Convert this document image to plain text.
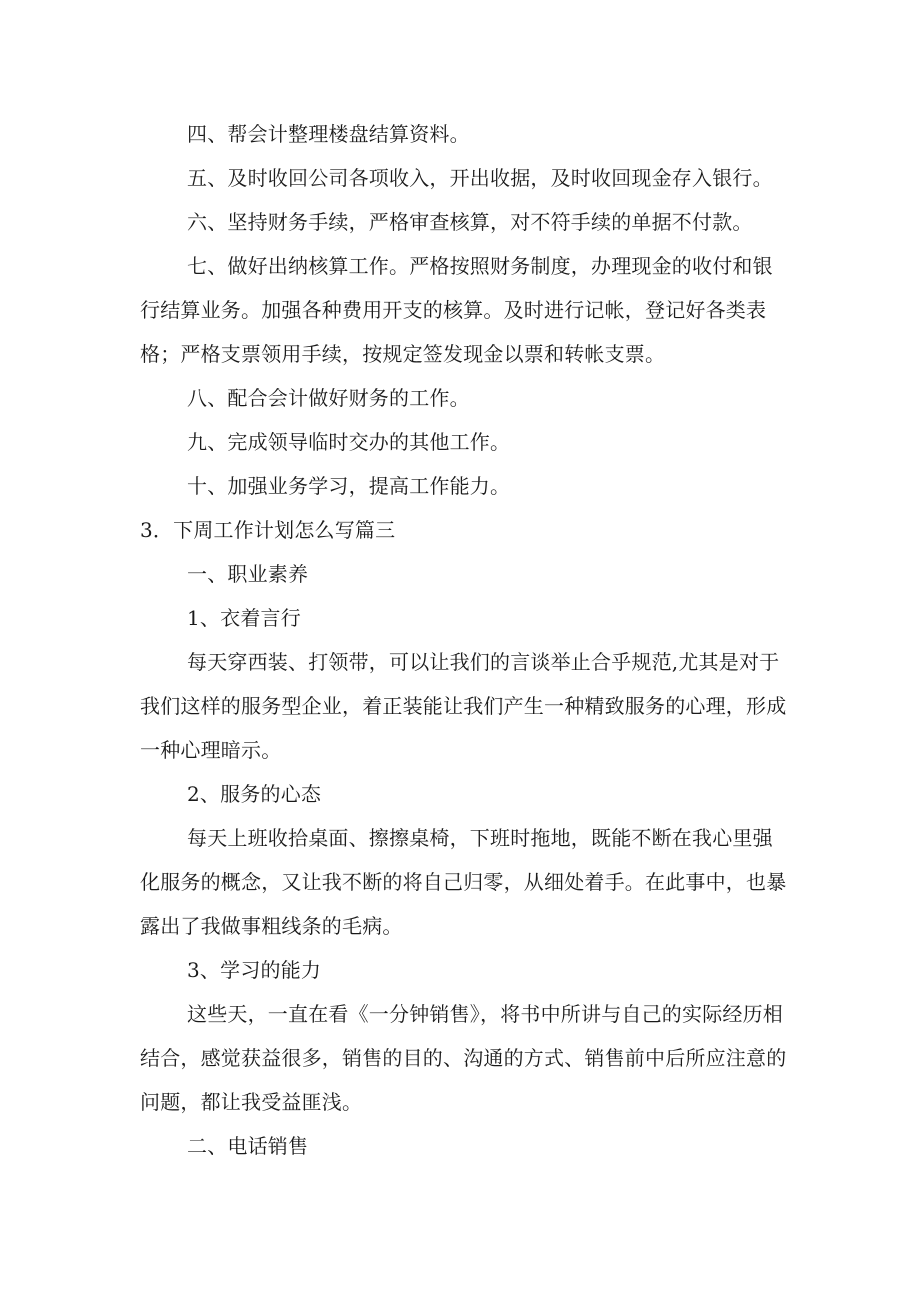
四、帮会计整理楼盘结算资料。

五、及时收回公司各项收入，开出收据，及时收回现金存入银行。

六、坚持财务手续，严格审查核算，对不符手续的单据不付款。

七、做好出纳核算工作。严格按照财务制度，办理现金的收付和银行结算业务。加强各种费用开支的核算。及时进行记帐，登记好各类表格；严格支票领用手续，按规定签发现金以票和转帐支票。

八、配合会计做好财务的工作。

九、完成领导临时交办的其他工作。

十、加强业务学习，提高工作能力。

3．下周工作计划怎么写篇三

一、职业素养

1、衣着言行

每天穿西装、打领带，可以让我们的言谈举止合乎规范,尤其是对于我们这样的服务型企业，着正装能让我们产生一种精致服务的心理，形成一种心理暗示。

2、服务的心态

每天上班收拾桌面、擦擦桌椅，下班时拖地，既能不断在我心里强化服务的概念，又让我不断的将自己归零，从细处着手。在此事中，也暴露出了我做事粗线条的毛病。

3、学习的能力

这些天，一直在看《一分钟销售》，将书中所讲与自己的实际经历相结合，感觉获益很多，销售的目的、沟通的方式、销售前中后所应注意的问题，都让我受益匪浅。

二、电话销售
